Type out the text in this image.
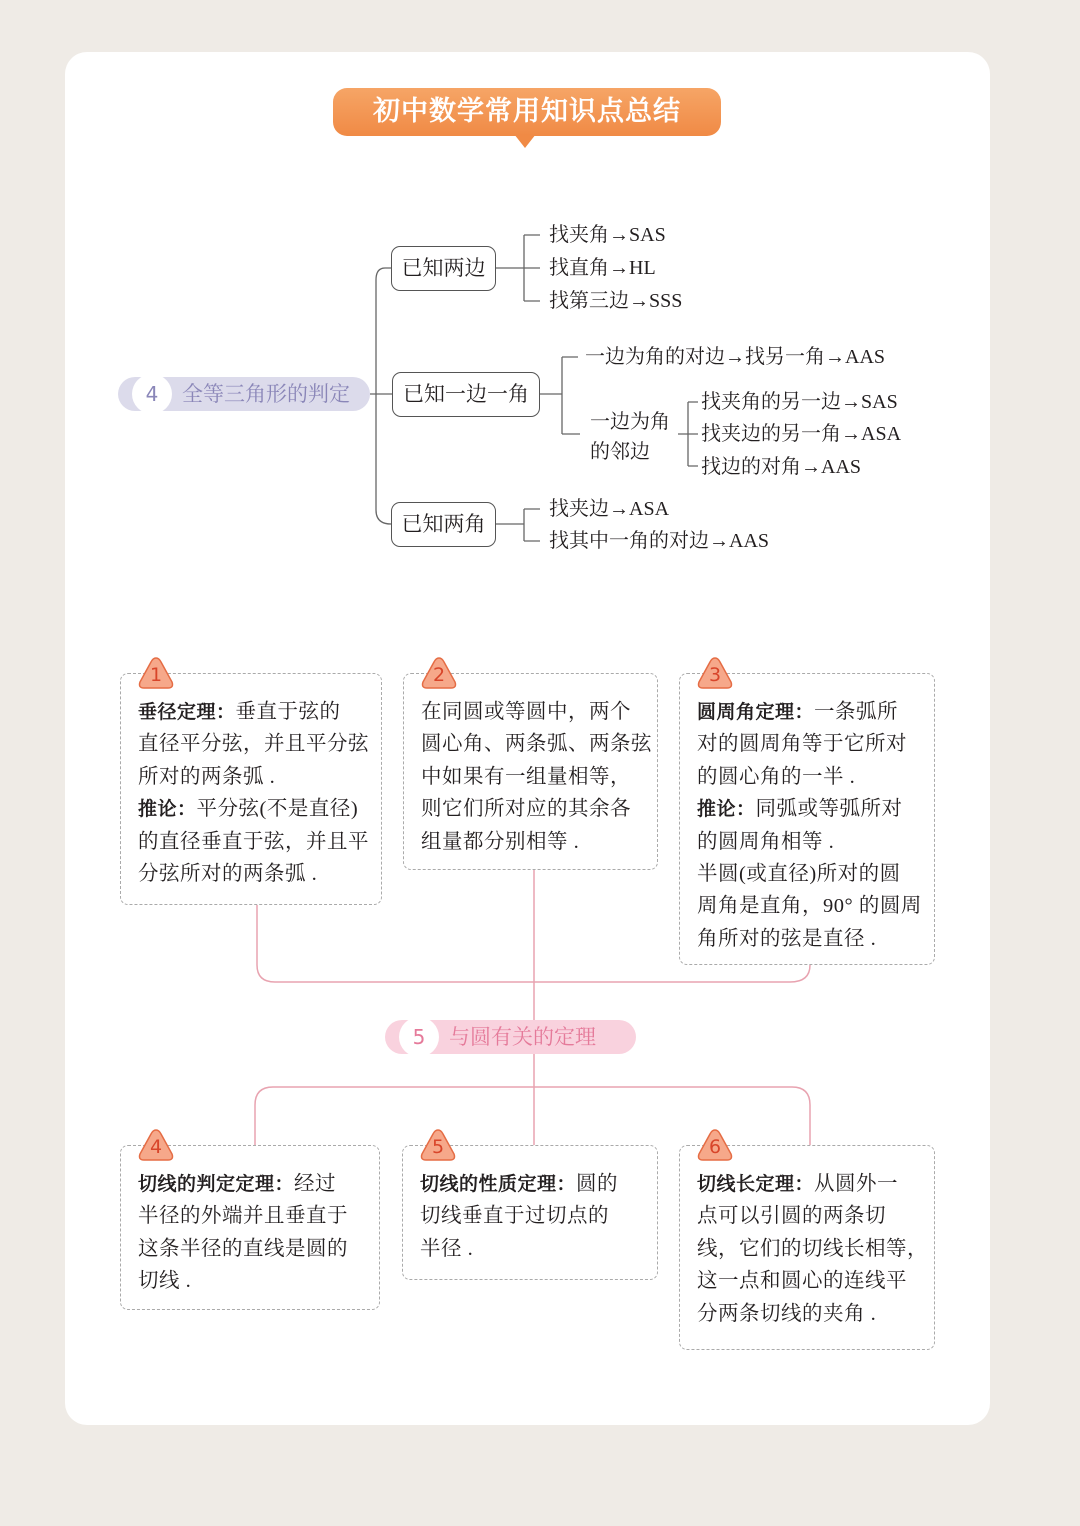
初中数学常用知识点总结
4	全等三角形的判定
已知两边
已知一边一角
已知两角
找夹角→SAS
找直角→HL
找第三边→SSS
一边为角的对边→找另一角→AAS
一边为角
的邻边
找夹角的另一边→SAS
找夹边的另一角→ASA
找边的对角→AAS
找夹边→ASA
找其中一角的对边→AAS
5	与圆有关的定理
垂径定理：垂直于弦的
直径平分弦，并且平分弦
所对的两条弧 .
推论：平分弦(不是直径)
的直径垂直于弦，并且平
分弦所对的两条弧 .
1
在同圆或等圆中，两个
圆心角、两条弧、两条弦
中如果有一组量相等，
则它们所对应的其余各
组量都分别相等 .
2
圆周角定理：一条弧所
对的圆周角等于它所对
的圆心角的一半 .
推论：同弧或等弧所对
的圆周角相等 .
半圆(或直径)所对的圆
周角是直角，90° 的圆周
角所对的弦是直径 .
3
切线的判定定理：经过
半径的外端并且垂直于
这条半径的直线是圆的
切线 .
4
切线的性质定理：圆的
切线垂直于过切点的
半径 .
5
切线长定理：从圆外一
点可以引圆的两条切
线，它们的切线长相等，
这一点和圆心的连线平
分两条切线的夹角 .
6
